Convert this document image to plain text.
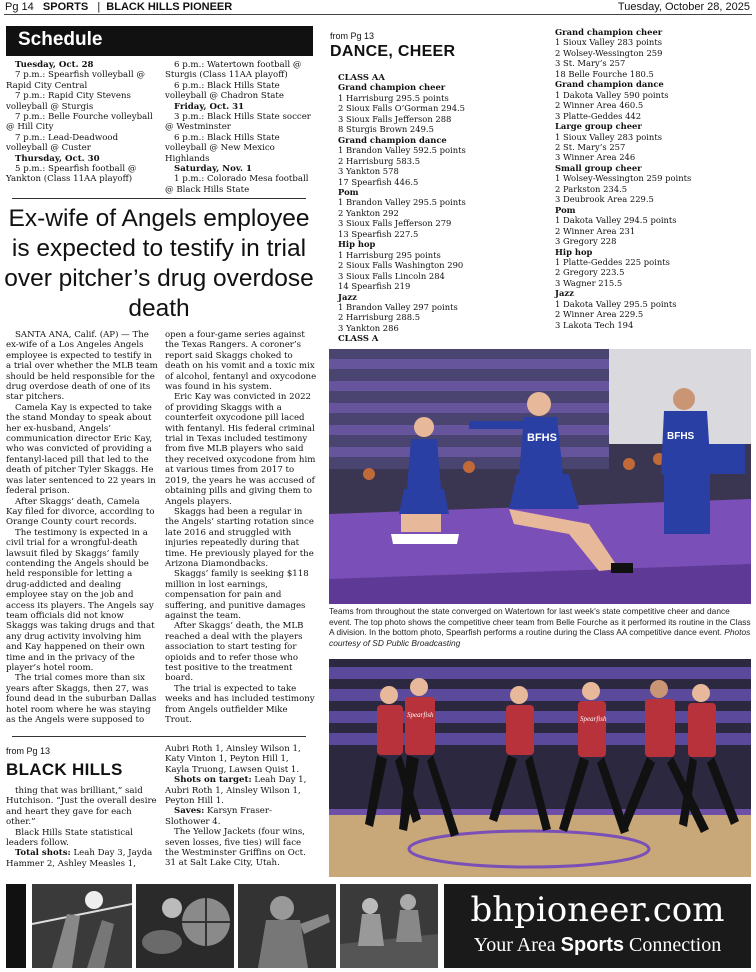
Pg 14 SPORTS   |  BLACK HILLS PIONEER	Tuesday, October 28, 2025
Schedule

Tuesday, Oct. 28

7 p.m.: Spearfish volleyball @ Rapid City Central

7 p.m.: Rapid City Stevens volleyball @ Sturgis

7 p.m.: Belle Fourche volleyball @ Hill City

7 p.m.: Lead-Deadwood volleyball @ Custer

Thursday, Oct. 30

5 p.m.: Spearfish football @ Yankton (Class 11AA playoff)

6 p.m.: Watertown football @ Sturgis (Class 11AA playoff)

6 p.m.: Black Hills State volleyball @ Chadron State

Friday, Oct. 31

3 p.m.: Black Hills State soccer @ Westminster

6 p.m.: Black Hills State volleyball @ New Mexico Highlands

Saturday, Nov. 1

1 p.m.: Colorado Mesa football @ Black Hills State

Ex-wife of Angels employee is expected to testify in trial over pitcher’s drug overdose death

SANTA ANA, Calif. (AP) — The ex-wife of a Los Angeles Angels employee is expected to testify in a trial over whether the MLB team should be held responsible for the drug overdose death of one of its star pitchers.

Camela Kay is expected to take the stand Monday to speak about her ex-husband, Angels’ communication director Eric Kay, who was convicted of providing a fentanyl-laced pill that led to the death of pitcher Tyler Skaggs. He was later sentenced to 22 years in federal prison.

After Skaggs’ death, Camela Kay filed for divorce, according to Orange County court records.

The testimony is expected in a civil trial for a wrongful-death lawsuit filed by Skaggs’ family contending the Angels should be held responsible for letting a drug-addicted and dealing employee stay on the job and access its players. The Angels say team officials did not know Skaggs was taking drugs and that any drug activity involving him and Kay happened on their own time and in the privacy of the player’s hotel room.

The trial comes more than six years after Skaggs, then 27, was found dead in the suburban Dallas hotel room where he was staying as the Angels were supposed to

open a four-game series against the Texas Rangers. A coroner’s report said Skaggs choked to death on his vomit and a toxic mix of alcohol, fentanyl and oxycodone was found in his system.

Eric Kay was convicted in 2022 of providing Skaggs with a counterfeit oxycodone pill laced with fentanyl. His federal criminal trial in Texas included testimony from five MLB players who said they received oxycodone from him at various times from 2017 to 2019, the years he was accused of obtaining pills and giving them to Angels players.

Skaggs had been a regular in the Angels’ starting rotation since late 2016 and struggled with injuries repeatedly during that time. He previously played for the Arizona Diamondbacks.

Skaggs’ family is seeking $118 million in lost earnings, compensation for pain and suffering, and punitive damages against the team.

After Skaggs’ death, the MLB reached a deal with the players association to start testing for opioids and to refer those who test positive to the treatment board.

The trial is expected to take weeks and has included testimony from Angels outfielder Mike Trout.

from Pg 13
BLACK HILLS

thing that was brilliant,” said Hutchison. “Just the overall desire and heart they gave for each other.”

Black Hills State statistical leaders follow.

Total shots: Leah Day 3, Jayda Hammer 2, Ashley Measles 1,

Aubri Roth 1, Ainsley Wilson 1, Katy Vinton 1, Peyton Hill 1, Kayla Truong, Lawsen Quist 1.

Shots on target: Leah Day 1, Aubri Roth 1, Ainsley Wilson 1, Peyton Hill 1.

Saves: Karsyn Fraser-Slothower 4.

The Yellow Jackets (four wins, seven losses, five ties) will face the Westminster Griffins on Oct. 31 at Salt Lake City, Utah.

from Pg 13
DANCE, CHEER
CLASS AA
Grand champion cheer
1 Harrisburg 295.5 points
2 Sioux Falls O’Gorman 294.5
3 Sioux Falls Jefferson 288
8 Sturgis Brown 249.5
Grand champion dance
1 Brandon Valley 592.5 points
2 Harrisburg 583.5
3 Yankton 578
17 Spearfish 446.5
Pom
1 Brandon Valley 295.5 points
2 Yankton 292
3 Sioux Falls Jefferson 279
13 Spearfish 227.5
Hip hop
1 Harrisburg 295 points
2 Sioux Falls Washington 290
3 Sioux Falls Lincoln 284
14 Spearfish 219
Jazz
1 Brandon Valley 297 points
2 Harrisburg 288.5
3 Yankton 286
CLASS A
Grand champion cheer
1 Sioux Valley 283 points
2 Wolsey-Wessington 259
3 St. Mary’s 257
18 Belle Fourche 180.5
Grand champion dance
1 Dakota Valley 590 points
2 Winner Area 460.5
3 Platte-Geddes 442
Large group cheer
1 Sioux Valley 283 points
2 St. Mary’s 257
3 Winner Area 246
Small group cheer
1 Wolsey-Wessington 259 points
2 Parkston 234.5
3 Deubrook Area 229.5
Pom
1 Dakota Valley 294.5 points
2 Winner Area 231
3 Gregory 228
Hip hop
1 Platte-Geddes 225 points
2 Gregory 223.5
3 Wagner 215.5
Jazz
1 Dakota Valley 295.5 points
2 Winner Area 229.5
3 Lakota Tech 194
BFHS	BFHS
Teams from throughout the state converged on Watertown for last week’s state competitive cheer and dance event. The top photo shows the competitive cheer team from Belle Fourche as it performed its routine in the Class A division. In the bottom photo, Spearfish performs a routine during the Class AA competitive dance event. Photos courtesy of SD Public Broadcasting
Spearfish	Spearfish
bhpioneer.com
Your Area Sports Connection
